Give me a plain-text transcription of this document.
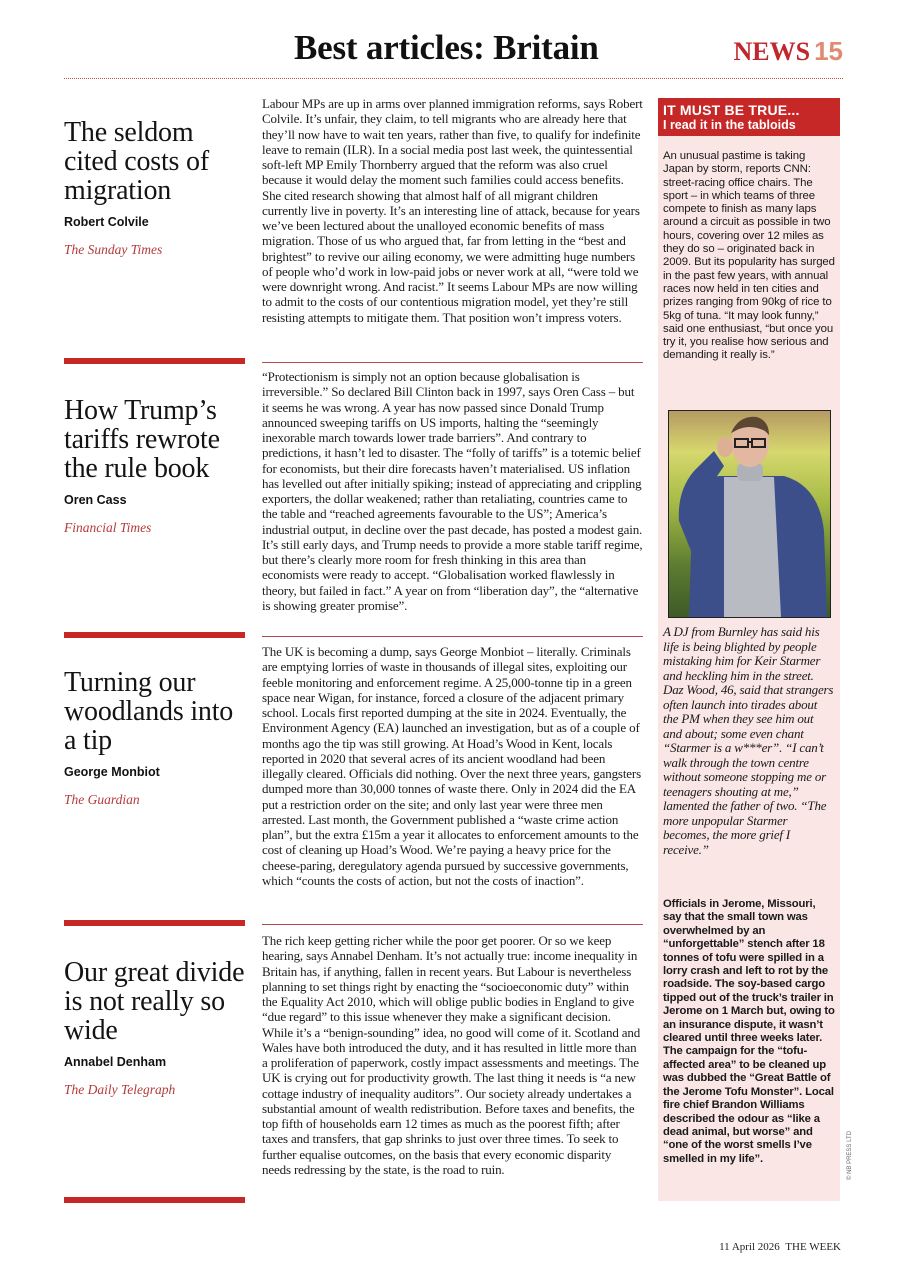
Best articles: Britain	NEWS 15
The seldom cited costs of migration
Robert Colvile
The Sunday Times
Labour MPs are up in arms over planned immigration reforms, says Robert Colvile. It’s unfair, they claim, to tell migrants who are already here that they’ll now have to wait ten years, rather than five, to qualify for indefinite leave to remain (ILR). In a social media post last week, the quintessential soft-left MP Emily Thornberry argued that the reform was also cruel because it would delay the moment such families could access benefits. She cited research showing that almost half of all migrant children currently live in poverty. It’s an interesting line of attack, because for years we’ve been lectured about the unalloyed economic benefits of mass migration. Those of us who argued that, far from letting in the “best and brightest” to revive our ailing economy, we were admitting huge numbers of people who’d work in low-paid jobs or never work at all, “were told we were downright wrong. And racist.” It seems Labour MPs are now willing to admit to the costs of our contentious migration model, yet they’re still resisting attempts to mitigate them. That position won’t impress voters.
How Trump’s tariffs rewrote the rule book
Oren Cass
Financial Times
“Protectionism is simply not an option because globalisation is irreversible.” So declared Bill Clinton back in 1997, says Oren Cass – but it seems he was wrong. A year has now passed since Donald Trump announced sweeping tariffs on US imports, halting the “seemingly inexorable march towards lower trade barriers”. And contrary to predictions, it hasn’t led to disaster. The “folly of tariffs” is a totemic belief for economists, but their dire forecasts haven’t materialised. US inflation has levelled out after initially spiking; instead of appreciating and crippling exporters, the dollar weakened; rather than retaliating, countries came to the table and “reached agreements favourable to the US”; America’s industrial output, in decline over the past decade, has posted a modest gain. It’s still early days, and Trump needs to provide a more stable tariff regime, but there’s clearly more room for fresh thinking in this area than economists were ready to accept. “Globalisation worked flawlessly in theory, but failed in fact.” A year on from “liberation day”, the “alternative is showing greater promise”.
Turning our woodlands into a tip
George Monbiot
The Guardian
The UK is becoming a dump, says George Monbiot – literally. Criminals are emptying lorries of waste in thousands of illegal sites, exploiting our feeble monitoring and enforcement regime. A 25,000-tonne tip in a green space near Wigan, for instance, forced a closure of the adjacent primary school. Locals first reported dumping at the site in 2024. Eventually, the Environment Agency (EA) launched an investigation, but as of a couple of months ago the tip was still growing. At Hoad’s Wood in Kent, locals reported in 2020 that several acres of its ancient woodland had been illegally cleared. Officials did nothing. Over the next three years, gangsters dumped more than 30,000 tonnes of waste there. Only in 2024 did the EA put a restriction order on the site; and only last year were three men arrested. Last month, the Government published a “waste crime action plan”, but the extra £15m a year it allocates to enforcement amounts to the cost of cleaning up Hoad’s Wood. We’re paying a heavy price for the cheese-paring, deregulatory agenda pursued by successive governments, which “counts the costs of action, but not the costs of inaction”.
Our great divide is not really so wide
Annabel Denham
The Daily Telegraph
The rich keep getting richer while the poor get poorer. Or so we keep hearing, says Annabel Denham. It’s not actually true: income inequality in Britain has, if anything, fallen in recent years. But Labour is nevertheless planning to set things right by enacting the “socioeconomic duty” within the Equality Act 2010, which will oblige public bodies in England to give “due regard” to this issue whenever they make a significant decision. While it’s a “benign-sounding” idea, no good will come of it. Scotland and Wales have both introduced the duty, and it has resulted in little more than a proliferation of paperwork, costly impact assessments and meetings. The UK is crying out for productivity growth. The last thing it needs is “a new cottage industry of inequality auditors”. Our society already undertakes a substantial amount of wealth redistribution. Before taxes and benefits, the top fifth of households earn 12 times as much as the poorest fifth; after taxes and transfers, that gap shrinks to just over three times. To seek to further equalise outcomes, on the basis that every economic disparity needs redressing by the state, is the road to ruin.
IT MUST BE TRUE...
I read it in the tabloids
An unusual pastime is taking Japan by storm, reports CNN: street-racing office chairs. The sport – in which teams of three compete to finish as many laps around a circuit as possible in two hours, covering over 12 miles as they do so – originated back in 2009. But its popularity has surged in the past few years, with annual races now held in ten cities and prizes ranging from 90kg of rice to 5kg of tuna. “It may look funny,” said one enthusiast, “but once you try it, you realise how serious and demanding it really is.”
A DJ from Burnley has said his life is being blighted by people mistaking him for Keir Starmer and heckling him in the street. Daz Wood, 46, said that strangers often launch into tirades about the PM when they see him out and about; some even chant “Starmer is a w***er”. “I can’t walk through the town centre without someone stopping me or teenagers shouting at me,” lamented the father of two. “The more unpopular Starmer becomes, the more grief I receive.”
Officials in Jerome, Missouri, say that the small town was overwhelmed by an “unforgettable” stench after 18 tonnes of tofu were spilled in a lorry crash and left to rot by the roadside. The soy-based cargo tipped out of the truck’s trailer in Jerome on 1 March but, owing to an insurance dispute, it wasn’t cleared until three weeks later. The campaign for the “tofu-affected area” to be cleaned up was dubbed the “Great Battle of the Jerome Tofu Monster”. Local fire chief Brandon Williams described the odour as “like a dead animal, but worse” and “one of the worst smells I’ve smelled in my life”.	© NB PRESS LTD
11 April 2026 THE WEEK
